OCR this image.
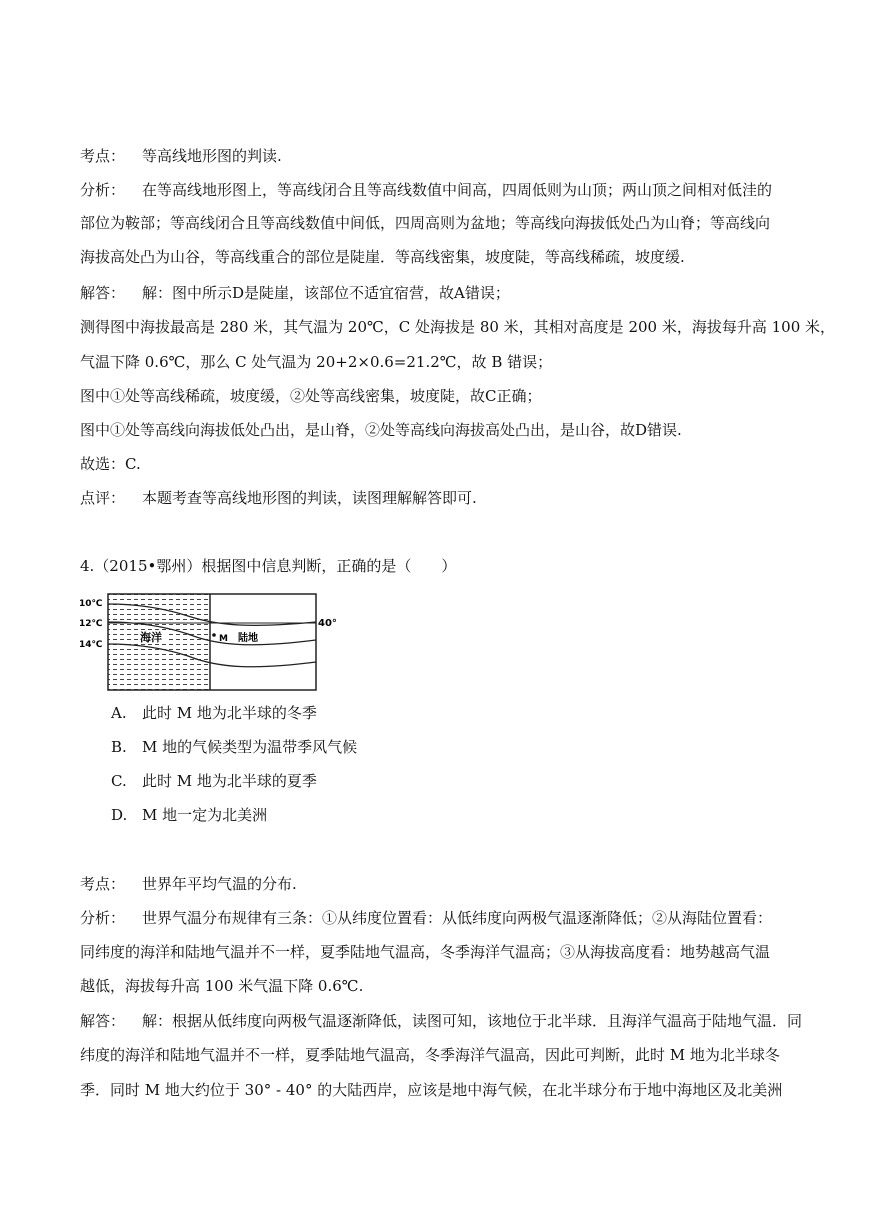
考点： 等高线地形图的判读.
分析： 在等高线地形图上，等高线闭合且等高线数值中间高，四周低则为山顶；两山顶之间相对低洼的
部位为鞍部；等高线闭合且等高线数值中间低，四周高则为盆地；等高线向海拔低处凸为山脊；等高线向
海拔高处凸为山谷，等高线重合的部位是陡崖．等高线密集，坡度陡，等高线稀疏，坡度缓.
解答： 解：图中所示D是陡崖，该部位不适宜宿营，故A错误；
测得图中海拔最高是 280 米，其气温为 20℃，C 处海拔是 80 米，其相对高度是 200 米，海拔每升高 100 米，
气温下降 0.6℃，那么 C 处气温为 20+2×0.6=21.2℃，故 B 错误；
图中①处等高线稀疏，坡度缓，②处等高线密集，坡度陡，故C正确；
图中①处等高线向海拔低处凸出，是山脊，②处等高线向海拔高处凸出，是山谷，故D错误.
故选：C.
点评： 本题考查等高线地形图的判读，读图理解解答即可.
4.（2015•鄂州）根据图中信息判断，正确的是（　　）
10℃
12℃
14℃
海洋	M 陆地
40°
A. 此时 M 地为北半球的冬季
B. M 地的气候类型为温带季风气候
C. 此时 M 地为北半球的夏季
D. M 地一定为北美洲
考点： 世界年平均气温的分布.
分析： 世界气温分布规律有三条：①从纬度位置看：从低纬度向两极气温逐渐降低；②从海陆位置看：
同纬度的海洋和陆地气温并不一样，夏季陆地气温高，冬季海洋气温高；③从海拔高度看：地势越高气温
越低，海拔每升高 100 米气温下降 0.6℃.
解答： 解：根据从低纬度向两极气温逐渐降低，读图可知，该地位于北半球．且海洋气温高于陆地气温．同
纬度的海洋和陆地气温并不一样，夏季陆地气温高，冬季海洋气温高，因此可判断，此时 M 地为北半球冬
季．同时 M 地大约位于 30° - 40° 的大陆西岸，应该是地中海气候，在北半球分布于地中海地区及北美洲
